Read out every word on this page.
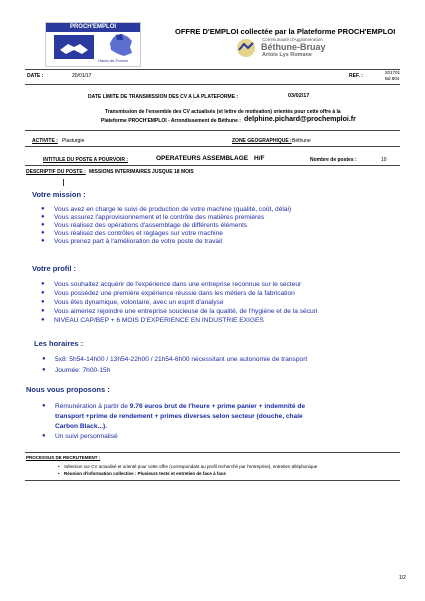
PROCH'EMPLOI
Hauts-de-France
OFFRE D'EMPLOI collectée par la Plateforme PROCH'EMPLOI
Communauté d'Agglomération
Béthune-Bruay
Artois Lys Romane
DATE :	20/01/17	REF. :
201701
Bd 804
DATE LIMITE DE TRANSMISSION DES CV A LA PLATEFORME :	03/02/17
Transmission de l'ensemble des CV actualisés (et lettre de motivation) orientés pour cette offre à la
Plateforme PROCH'EMPLOI - Arrondissement de Béthune : delphine.pichard@prochemploi.fr
ACTIVITE : Plasturgie	ZONE GEOGRAPHIQUE : Béthune
INTITULE DU POSTE A POURVOIR :	OPERATEURS ASSEMBLAGE H/F	Nombre de postes :	10
DESCRIPTIF DU POSTE : MISSIONS INTERIMAIRES JUSQUE 18 MOIS
Votre mission :
● Vous avez en charge le suivi de production de votre machine (qualité, coût, délai)
● Vous assurez l'approvisionnement et le contrôle des matières premières
● Vous réalisez des opérations d'assemblage de différents éléments
● Vous réalisez des contrôles et réglages sur votre machine
● Vous prenez part à l'amélioration de votre poste de travail
Votre profil :
● Vous souhaitez acquérir de l'expérience dans une entreprise reconnue sur le secteur
● Vous possédez une première expérience réussie dans les métiers de la fabrication
● Vous êtes dynamique, volontaire, avec un esprit d'analyse
● Vous aimeriez rejoindre une entreprise soucieuse de la qualité, de l'hygiène et de la sécuri
● NIVEAU CAP/BEP + 6 MOIS D'EXPERIENCE EN INDUSTRIE EXIGES
Les horaires :
● 5x8: 5h54-14h00 / 13h54-22h00 / 21h54-6h00 nécessitant une autonomie de transport
● Journée: 7h00-15h
Nous vous proposons :
● Rémunération à partir de 9.76 euros brut de l'heure + prime panier + indemnité de
transport +prime de rendement + primes diverses selon secteur (douche, chale
Carbon Black...).
● Un suivi personnalisé
PROCESSUS DE RECRUTEMENT :
• Sélection sur CV actualisé et orienté pour cette offre (correspondant au profil recherché par l'entreprise), entretien téléphonique
• Réunion d'information collective : Plusieurs tests et entretien de face à face
1/2
